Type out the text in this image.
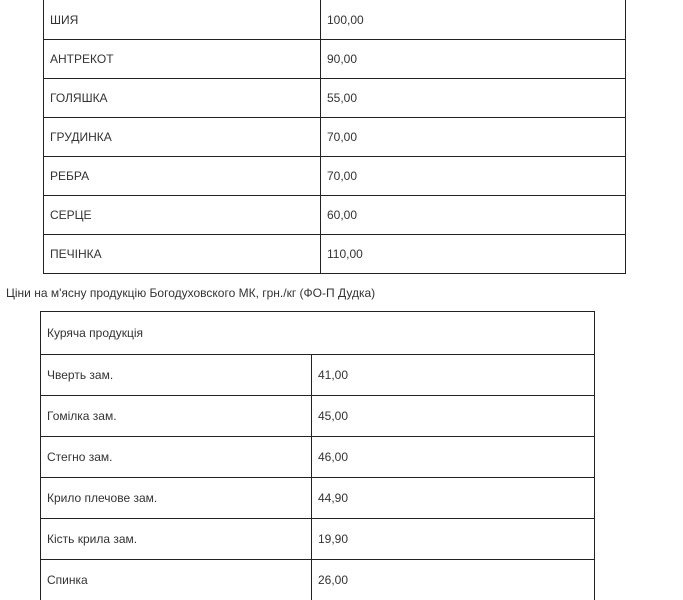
ШИЯ	100,00
АНТРЕКОТ	90,00
ГОЛЯШКА	55,00
ГРУДИНКА	70,00
РЕБРА	70,00
СЕРЦЕ	60,00
ПЕЧІНКА	110,00
Ціни на м'ясну продукцію Богодуховского МК, грн./кг (ФО-П Дудка)
Куряча продукція	
Чверть зам.	41,00
Гомілка зам.	45,00
Стегно зам.	46,00
Крило плечове зам.	44,90
Кість крила зам.	19,90
Спинка	26,00
